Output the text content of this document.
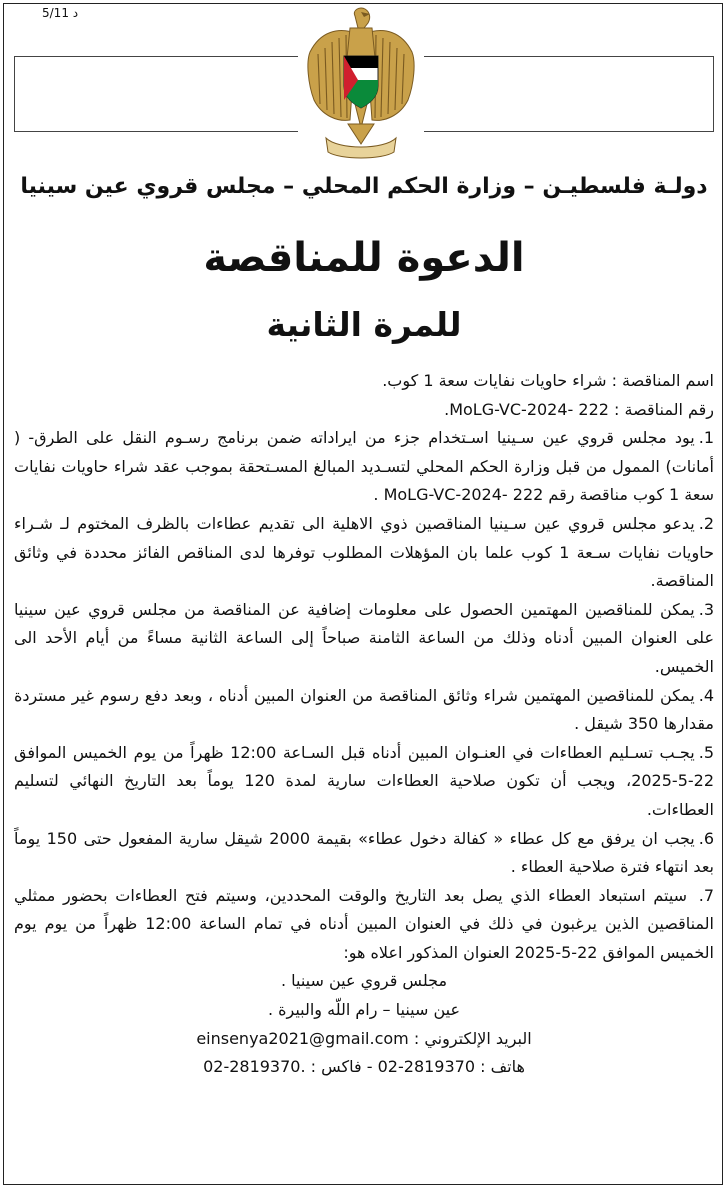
5/11 د
دولـة فلسطيـن – وزارة الحكم المحلي – مجلس قروي عين سينيا
الدعوة للمناقصة
للمرة الثانية

اسم المناقصة : شراء حاويات نفايات سعة 1 كوب.

رقم المناقصة : 222 -MoLG-VC-2024.

1.يود مجلس قروي عين سـينيا اسـتخدام جزء من ايراداته ضمن برنامج رسـوم النقل على الطرق- ( أمانات) الممول من قبل وزارة الحكم المحلي لتسـديد المبالغ المسـتحقة بموجب عقد شراء حاويات نفايات سعة 1 كوب مناقصة رقم 222 -MoLG-VC-2024 .

2.يدعو مجلس قروي عين سـينيا المناقصين ذوي الاهلية الى تقديم عطاءات بالظرف المختوم لـ شـراء حاويات نفايات سـعة 1 كوب علما بان المؤهلات المطلوب توفرها لدى المناقص الفائز محددة في وثائق المناقصة.

3.يمكن للمناقصين المهتمين الحصول على معلومات إضافية عن المناقصة من مجلس قروي عين سينيا على العنوان المبين أدناه وذلك من الساعة الثامنة صباحاً إلى الساعة الثانية مساءً من أيام الأحد الى الخميس.

4.يمكن للمناقصين المهتمين شراء وثائق المناقصة من العنوان المبين أدناه ، وبعد دفع رسوم غير مستردة مقدارها 350 شيقل .

5.يجـب تسـليم العطاءات في العنـوان المبين أدناه قبل السـاعة 12:00 ظهراً من يوم الخميس الموافق 22-5-2025، ويجب أن تكون صلاحية العطاءات سارية لمدة 120 يوماً بعد التاريخ النهائي لتسليم العطاءات.

6.يجب ان يرفق مع كل عطاء « كفالة دخول عطاء» بقيمة 2000 شيقل سارية المفعول حتى 150 يوماً بعد انتهاء فترة صلاحية العطاء .

7. سيتم استبعاد العطاء الذي يصل بعد التاريخ والوقت المحددين، وسيتم فتح العطاءات بحضور ممثلي المناقصين الذين يرغبون في ذلك في العنوان المبين أدناه في تمام الساعة 12:00 ظهراً من يوم يوم الخميس الموافق 22-5-2025 العنوان المذكور اعلاه هو:

مجلس قروي عين سينيا .

عين سينيا – رام اللّه والبيرة .

البريد الإلكتروني : einsenya2021@gmail.com

هاتف : 02-2819370 - فاكس : 02-2819370.
